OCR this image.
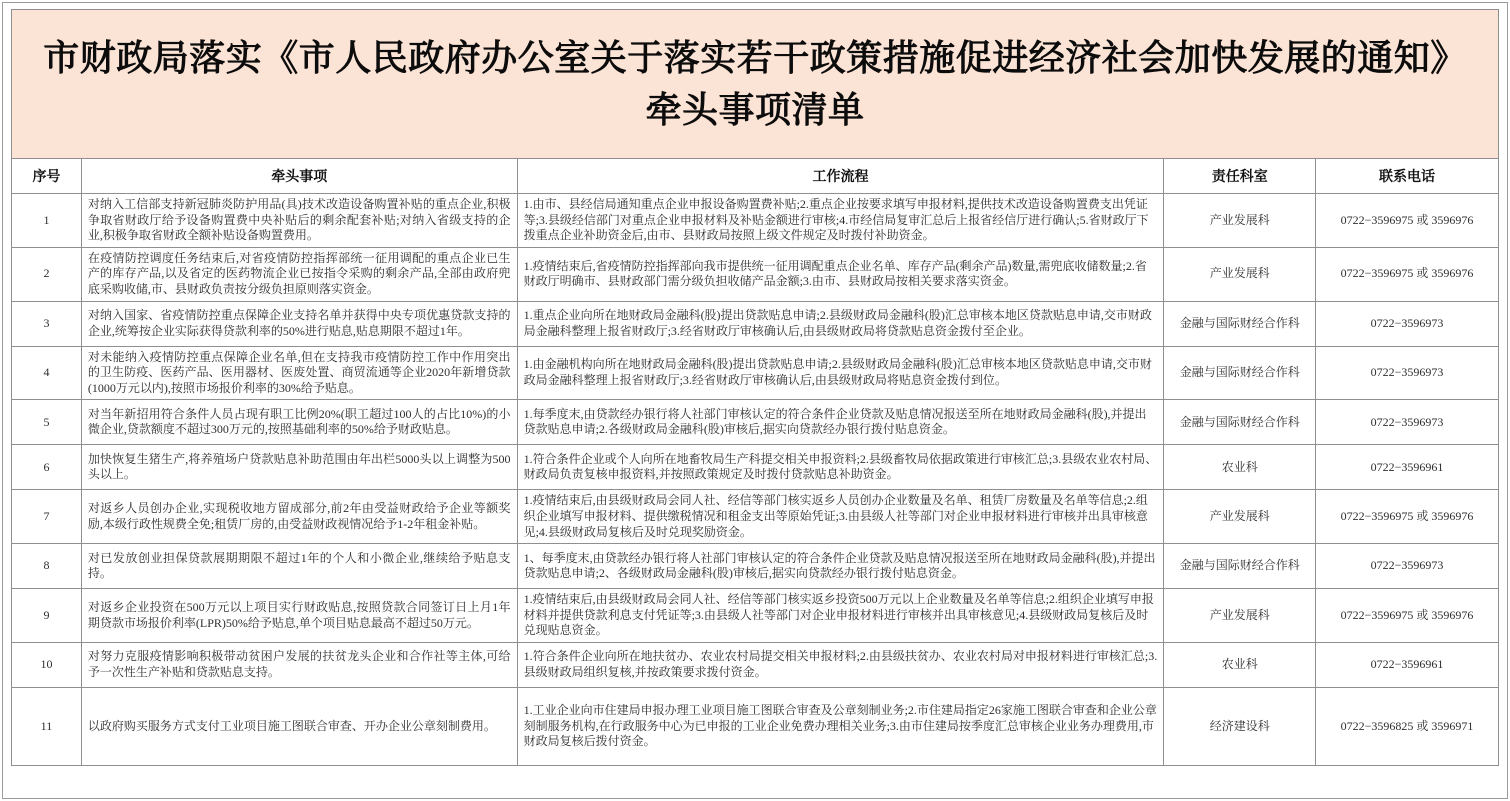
市财政局落实《市人民政府办公室关于落实若干政策措施促进经济社会加快发展的通知》
牵头事项清单
序号	牵头事项	工作流程	责任科室	联系电话
1	对纳入工信部支持新冠肺炎防护用品(具)技术改造设备购置补贴的重点企业,积极争取省财政厅给予设备购置费中央补贴后的剩余配套补贴;对纳入省级支持的企业,积极争取省财政全额补贴设备购置费用。	1.由市、县经信局通知重点企业申报设备购置费补贴;2.重点企业按要求填写申报材料,提供技术改造设备购置费支出凭证等;3.县级经信部门对重点企业申报材料及补贴金额进行审核;4.市经信局复审汇总后上报省经信厅进行确认;5.省财政厅下拨重点企业补助资金后,由市、县财政局按照上级文件规定及时拨付补助资金。	产业发展科	0722−3596975 或 3596976
2	在疫情防控调度任务结束后,对省疫情防控指挥部统一征用调配的重点企业已生产的库存产品,以及省定的医药物流企业已按指令采购的剩余产品,全部由政府兜底采购收储,市、县财政负责按分级负担原则落实资金。	1.疫情结束后,省疫情防控指挥部向我市提供统一征用调配重点企业名单、库存产品(剩余产品)数量,需兜底收储数量;2.省财政厅明确市、县财政部门需分级负担收储产品金额;3.由市、县财政局按相关要求落实资金。	产业发展科	0722−3596975 或 3596976
3	对纳入国家、省疫情防控重点保障企业支持名单并获得中央专项优惠贷款支持的企业,统筹按企业实际获得贷款利率的50%进行贴息,贴息期限不超过1年。	1.重点企业向所在地财政局金融科(股)提出贷款贴息申请;2.县级财政局金融科(股)汇总审核本地区贷款贴息申请,交市财政局金融科整理上报省财政厅;3.经省财政厅审核确认后,由县级财政局将贷款贴息资金拨付至企业。	金融与国际财经合作科	0722−3596973
4	对未能纳入疫情防控重点保障企业名单,但在支持我市疫情防控工作中作用突出的卫生防疫、医药产品、医用器材、医废处置、商贸流通等企业2020年新增贷款(1000万元以内),按照市场报价利率的30%给予贴息。	1.由金融机构向所在地财政局金融科(股)提出贷款贴息申请;2.县级财政局金融科(股)汇总审核本地区贷款贴息申请,交市财政局金融科整理上报省财政厅;3.经省财政厅审核确认后,由县级财政局将贴息资金拨付到位。	金融与国际财经合作科	0722−3596973
5	对当年新招用符合条件人员占现有职工比例20%(职工超过100人的占比10%)的小微企业,贷款额度不超过300万元的,按照基础利率的50%给予财政贴息。	1.每季度末,由贷款经办银行将人社部门审核认定的符合条件企业贷款及贴息情况报送至所在地财政局金融科(股),并提出贷款贴息申请;2.各级财政局金融科(股)审核后,据实向贷款经办银行拨付贴息资金。	金融与国际财经合作科	0722−3596973
6	加快恢复生猪生产,将养殖场户贷款贴息补助范围由年出栏5000头以上调整为500头以上。	1.符合条件企业或个人向所在地畜牧局生产科提交相关申报资料;2.县级畜牧局依据政策进行审核汇总;3.县级农业农村局、财政局负责复核申报资料,并按照政策规定及时拨付贷款贴息补助资金。	农业科	0722−3596961
7	对返乡人员创办企业,实现税收地方留成部分,前2年由受益财政给予企业等额奖励,本级行政性规费全免;租赁厂房的,由受益财政视情况给予1-2年租金补贴。	1.疫情结束后,由县级财政局会同人社、经信等部门核实返乡人员创办企业数量及名单、租赁厂房数量及名单等信息;2.组织企业填写申报材料、提供缴税情况和租金支出等原始凭证;3.由县级人社等部门对企业申报材料进行审核并出具审核意见;4.县级财政局复核后及时兑现奖励资金。	产业发展科	0722−3596975 或 3596976
8	对已发放创业担保贷款展期期限不超过1年的个人和小微企业,继续给予贴息支持。	1、每季度末,由贷款经办银行将人社部门审核认定的符合条件企业贷款及贴息情况报送至所在地财政局金融科(股),并提出贷款贴息申请;2、各级财政局金融科(股)审核后,据实向贷款经办银行拨付贴息资金。	金融与国际财经合作科	0722−3596973
9	对返乡企业投资在500万元以上项目实行财政贴息,按照贷款合同签订日上月1年期贷款市场报价利率(LPR)50%给予贴息,单个项目贴息最高不超过50万元。	1.疫情结束后,由县级财政局会同人社、经信等部门核实返乡投资500万元以上企业数量及名单等信息;2.组织企业填写申报材料并提供贷款利息支付凭证等;3.由县级人社等部门对企业申报材料进行审核并出具审核意见;4.县级财政局复核后及时兑现贴息资金。	产业发展科	0722−3596975 或 3596976
10	对努力克服疫情影响积极带动贫困户发展的扶贫龙头企业和合作社等主体,可给予一次性生产补贴和贷款贴息支持。	1.符合条件企业向所在地扶贫办、农业农村局提交相关申报材料;2.由县级扶贫办、农业农村局对申报材料进行审核汇总;3.县级财政局组织复核,并按政策要求拨付资金。	农业科	0722−3596961
11	以政府购买服务方式支付工业项目施工图联合审查、开办企业公章刻制费用。	1.工业企业向市住建局申报办理工业项目施工图联合审查及公章刻制业务;2.市住建局指定26家施工图联合审查和企业公章刻制服务机构,在行政服务中心为已申报的工业企业免费办理相关业务;3.由市住建局按季度汇总审核企业业务办理费用,市财政局复核后拨付资金。	经济建设科	0722−3596825 或 3596971
